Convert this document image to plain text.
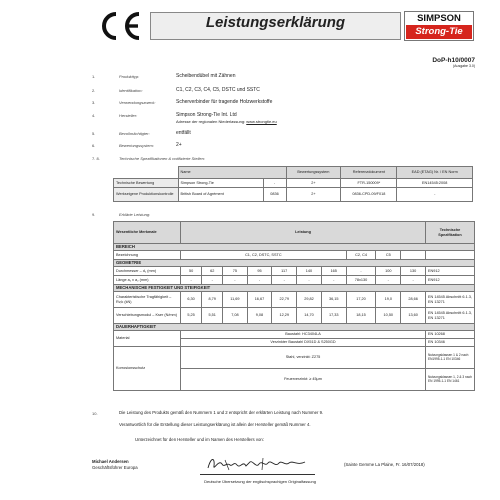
Leistungserklärung	SIMPSON
Strong-Tie
DoP-h10/0007
(Ausgabe 3.0)
1.	Produkttyp:	Scheibendübel mit Zähnen
2.	Identifikation:	C1, C2, C3, C4, C5, DSTC und SSTC
3.	Verwendungszweck:	Scherverbinder für tragende Holzwerkstoffe
4.	Hersteller:	Simpson Strong-Tie Int. Ltd
Adresse der regionalen Niederlassung: www.strongtie.eu
5.	Bevollmächtigter:	entfällt
6.	Bewertungssystem:	2+
7. 8.	Technische Spezifikationen & notifizierte Stellen:
	Name		Bewertungssystem	Referenzdokument	EAD (ETAG) Nr. / EN Norm
Technische Bewertung	Simpson Strong-Tie	-	2+	FTR-150009*	EN14545:2008
Werkseigene Produktionskontrolle	British Board of Agrément	0836	2+	0836-CPD-09/F018	-
9.	Erklärte Leistung:
Wesentliche Merkmale	Leistung										Technische Spezifikation
BEREICH											
Bezeichnung	C1, C2, DSTC, SSTC							C2, C4	C5		
GEOMETRIE											
Durchmesser – d₁ (mm)	50	62	75	95	117	140	165	-	100	130	EN912
Länge a₁ x a₂ (mm)	-	-	-	-	-	-	-	78x130	-	-	EN912
MECHANISCHE FESTIGKEIT UND STEIFIGKEIT											
Charakteristische Tragfähigkeit – Rv,k (kN)	6,30	8,79	11,69	16,67	22,79	29,82	36,15	17,20	19,0	28,66	EN 14545 Abschnitt 6.1.3, EN 13271
Verschiebungsmodul – Kser (N/mm)	5,25	5,51	7,08	9,08	12,29	14,70	17,33	18,15	10,50	13,60	EN 14545 Abschnitt 6.1.3, EN 13271
DAUERHAFTIGKEIT											
Material	Baustahl: HC3404LA										EN 10268
	Verzinkter Baustahl DX51D & S250GD										EN 10346
Korrosionsschutz	Stahl, verzinkt: Z275										Nutzungsklassen 1 & 2 nach EN1995-1-1 EN 10346
	Feuerverzinkt: ≥ 45μm										Nutzungsklassen 1, 2 & 3 nach EN 1995-1-1 EN 1461
10.	Die Leistung des Produkts gemäß den Nummern 1 und 2 entspricht der erklärten Leistung nach Nummer 9.
Verantwortlich für die Erstellung dieser Leistungserklärung ist allein der Hersteller gemäß Nummer 4.
Unterzeichnet für den Hersteller und im Namen des Herstellers von:
Michael Andersen
Geschäftsführer Europa
(Sainte Gemme La Plaine, Fr. 16/07/2018)
Deutsche Übersetzung der englischsprachigen Originalfassung
